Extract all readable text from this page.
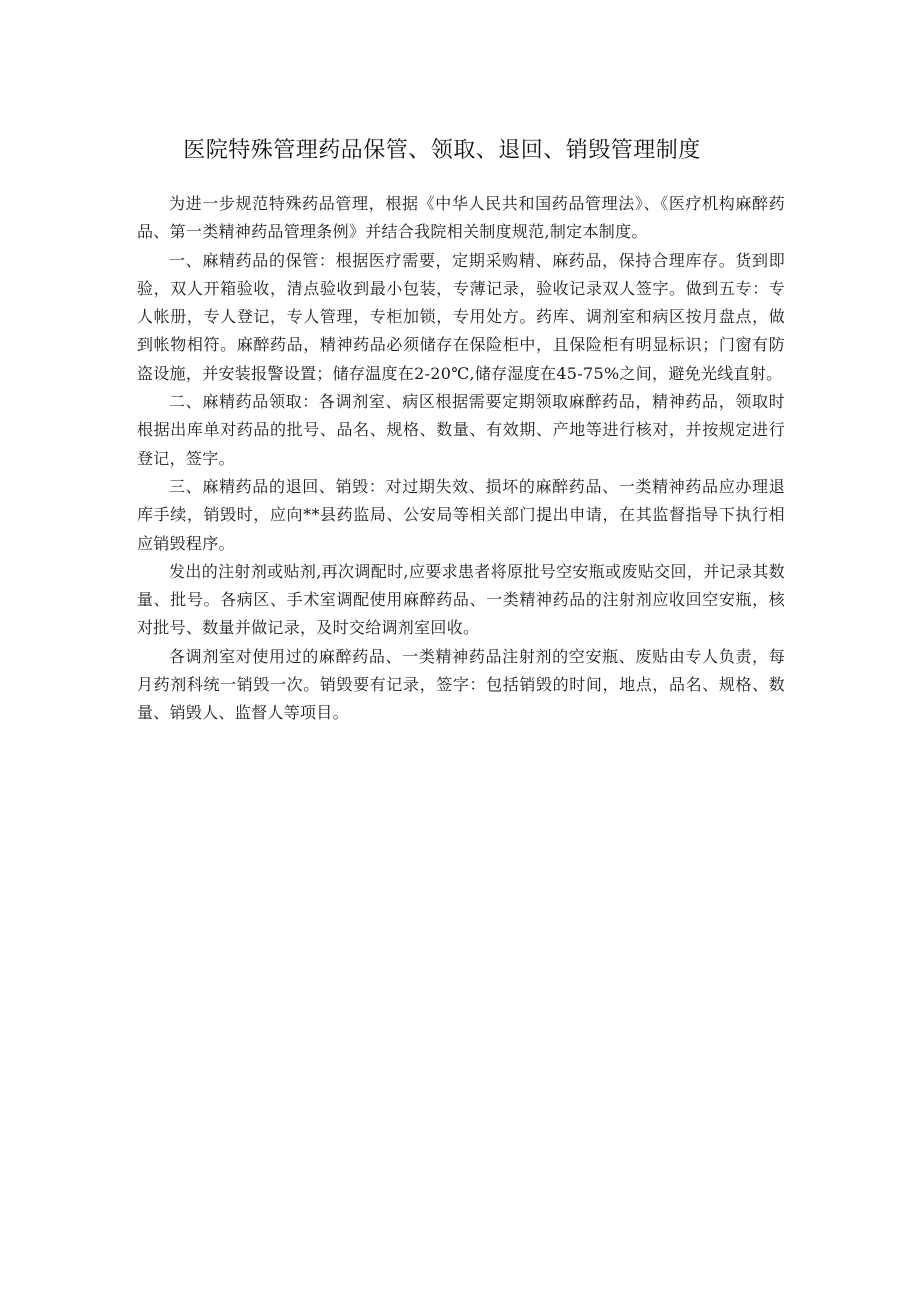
医院特殊管理药品保管、领取、退回、销毁管理制度

为进一步规范特殊药品管理，根据《中华人民共和国药品管理法》、《医疗机构麻醉药品、第一类精神药品管理条例》并结合我院相关制度规范,制定本制度。

一、麻精药品的保管：根据医疗需要，定期采购精、麻药品，保持合理库存。货到即验，双人开箱验收，清点验收到最小包装，专薄记录，验收记录双人签字。做到五专：专人帐册，专人登记，专人管理，专柜加锁，专用处方。药库、调剂室和病区按月盘点，做到帐物相符。麻醉药品，精神药品必须储存在保险柜中，且保险柜有明显标识；门窗有防盗设施，并安装报警设置；储存温度在2-20℃,储存湿度在45-75%之间，避免光线直射。

二、麻精药品领取：各调剂室、病区根据需要定期领取麻醉药品，精神药品，领取时根据出库单对药品的批号、品名、规格、数量、有效期、产地等进行核对，并按规定进行登记，签字。

三、麻精药品的退回、销毁：对过期失效、损坏的麻醉药品、一类精神药品应办理退库手续，销毁时，应向**县药监局、公安局等相关部门提出申请，在其监督指导下执行相应销毁程序。

发出的注射剂或贴剂,再次调配时,应要求患者将原批号空安瓶或废贴交回，并记录其数量、批号。各病区、手术室调配使用麻醉药品、一类精神药品的注射剂应收回空安瓶，核对批号、数量并做记录，及时交给调剂室回收。

各调剂室对使用过的麻醉药品、一类精神药品注射剂的空安瓶、废贴由专人负责，每月药剂科统一销毁一次。销毁要有记录，签字：包括销毁的时间，地点，品名、规格、数量、销毁人、监督人等项目。
